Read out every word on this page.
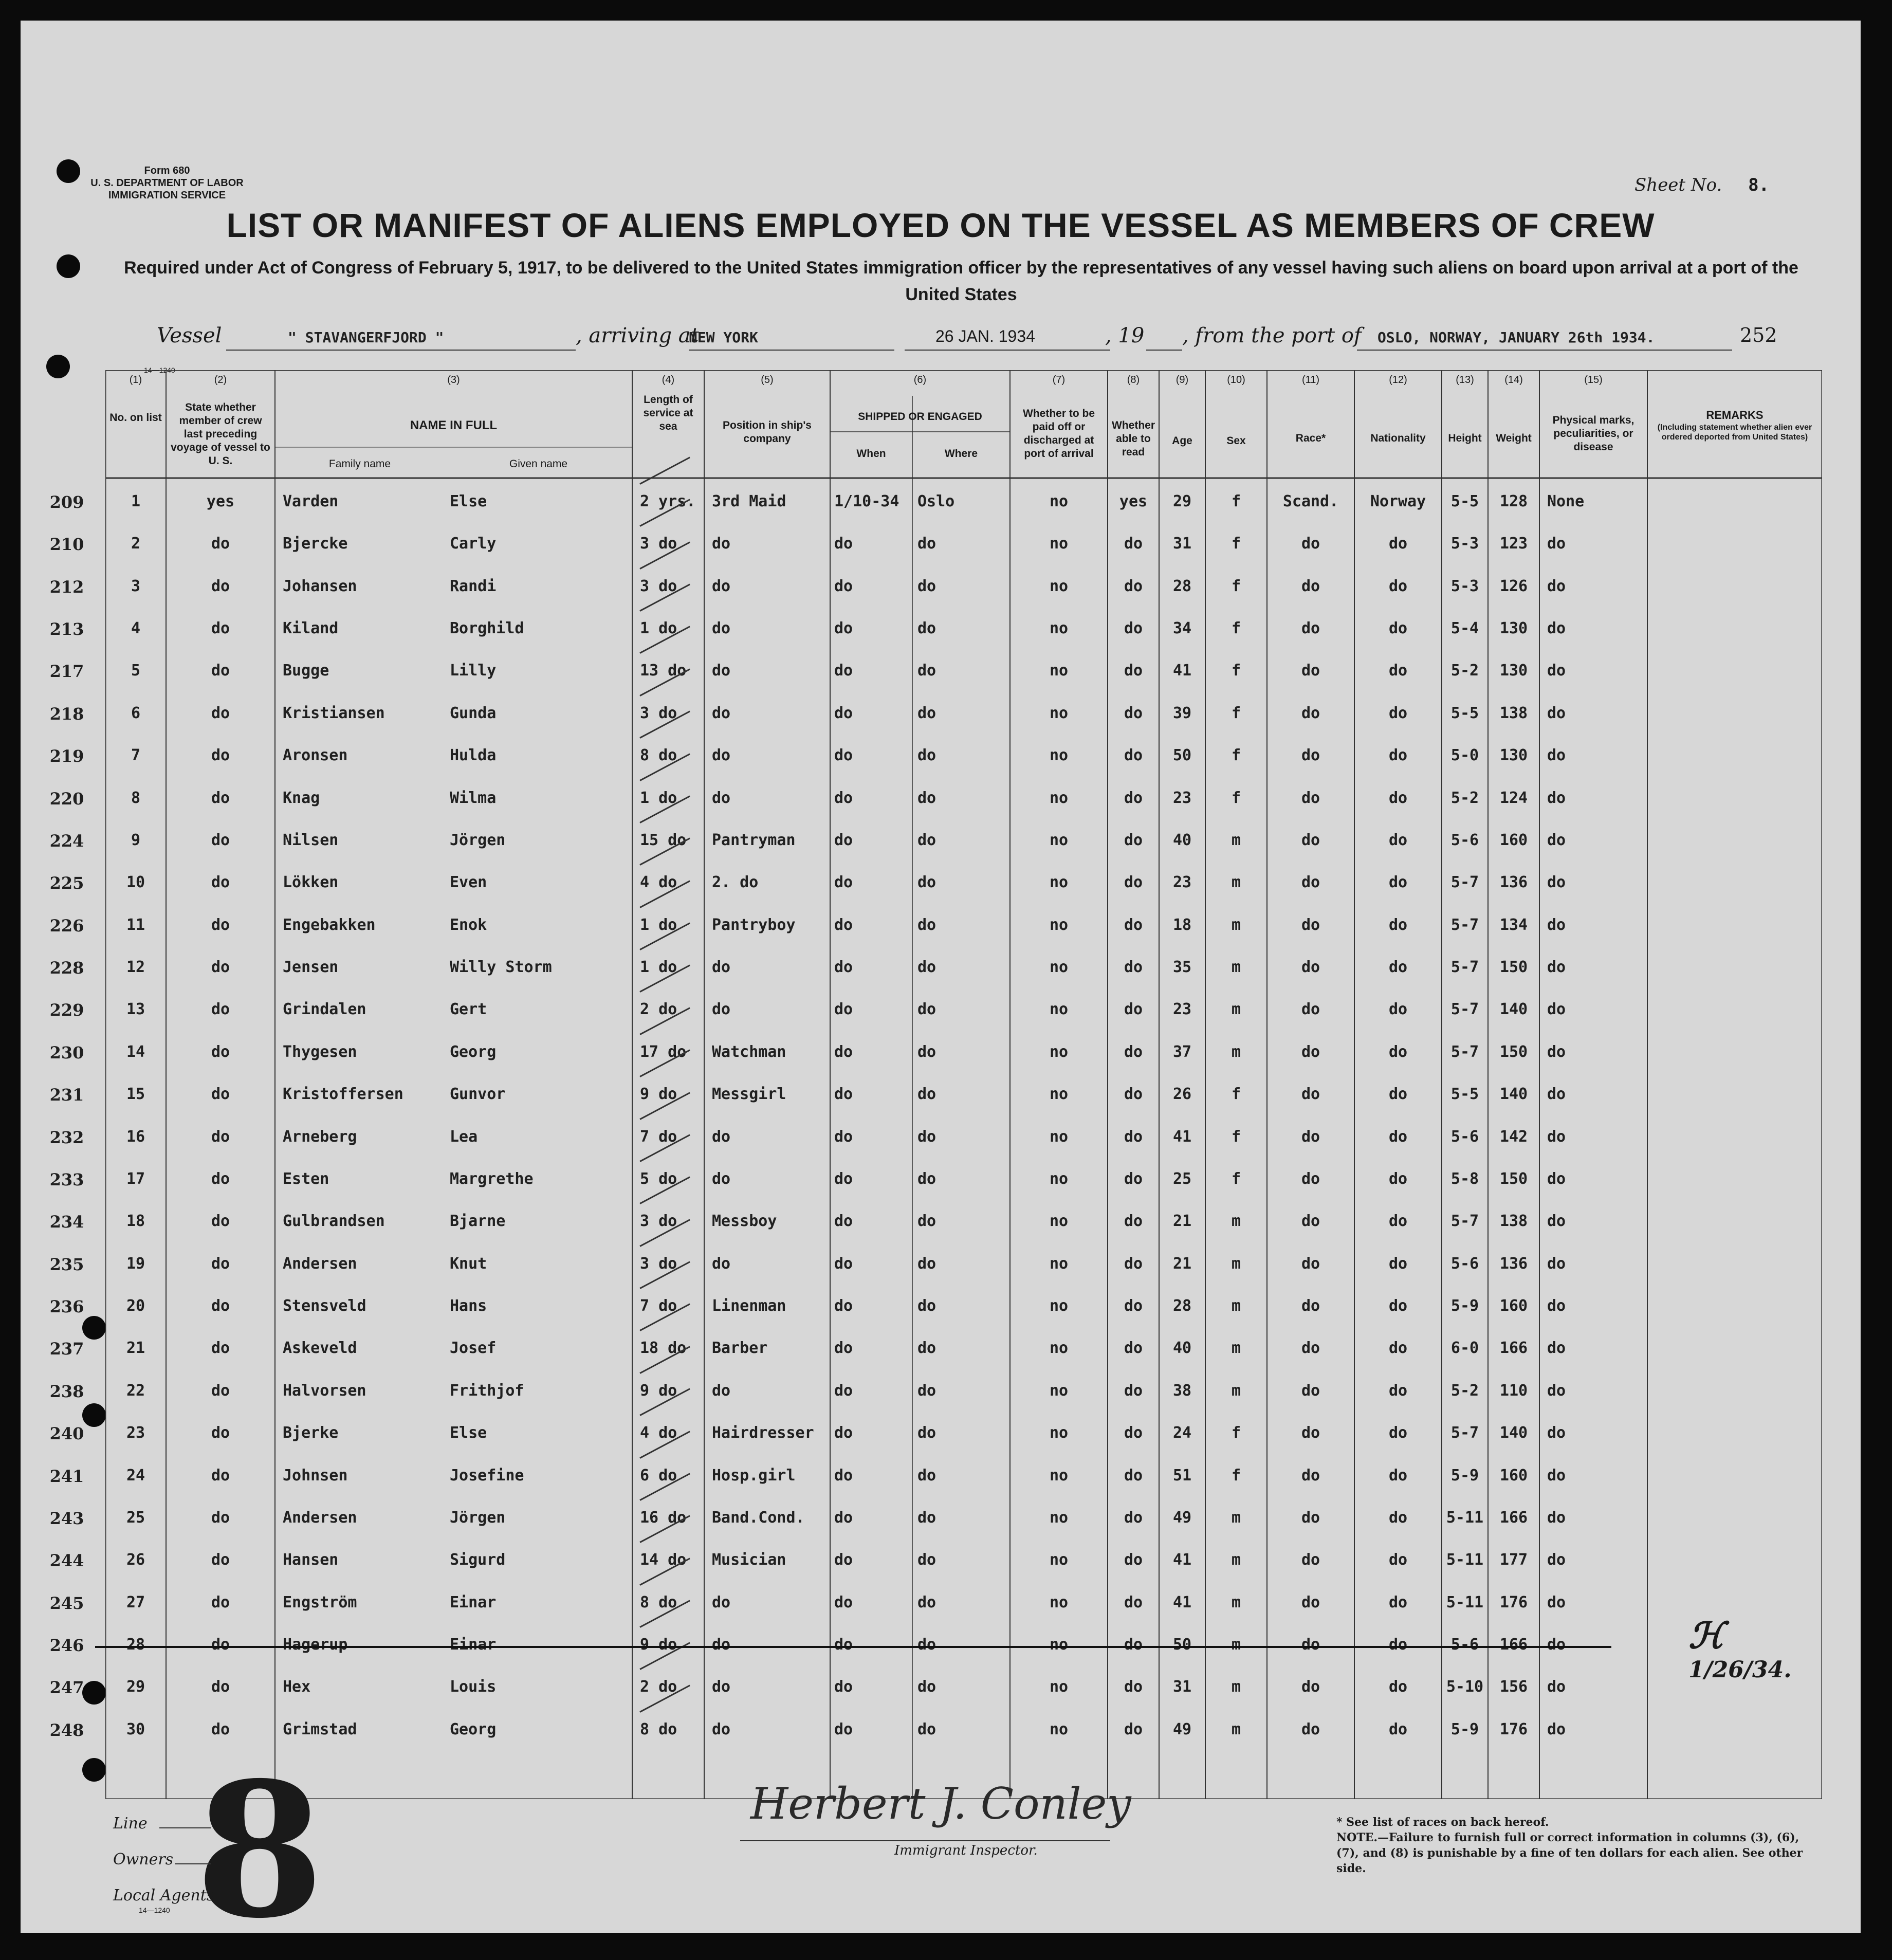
Form 680
U. S. DEPARTMENT OF LABOR
IMMIGRATION SERVICE	Sheet No. 8.
LIST OR MANIFEST OF ALIENS EMPLOYED ON THE VESSEL AS MEMBERS OF CREW
Required under Act of Congress of February 5, 1917, to be delivered to the United States immigration officer by the representatives of any vessel having such aliens on board upon arrival at a port of the United States
Vessel	" STAVANGERFJORD "	, arriving at
NEW YORK	26 JAN. 1934	, 19 , from the port of OSLO, NORWAY, JANUARY 26th 1934.	252
14—1240
(1)	(2)	(3)	(4)	(5)	(6)	(7)	(8)	(9)	(10)	(11)	(12)	(13)	(14)	(15)
No. on list
State whether member of crew last preceding voyage of vessel to U. S.
NAME IN FULL
Family name	Given name
Length of service at sea	Position in ship's company
SHIPPED OR ENGAGED
When	Where
Whether to be paid off or discharged at port of arrival
Whether able to read
Age	Sex	Race*	Nationality	Height	Weight
Physical marks, peculiarities, or disease
REMARKS
(Including statement whether alien ever ordered deported from United States)
209	1	yes	Varden	Else	2 yrs.	3rd Maid	1/10-34	Oslo	no	yes	29	f	Scand.	Norway	5-5	128	None
210	2	do	Bjercke	Carly	3 do	do	do	do	no	do	31	f	do	do	5-3	123	do
212	3	do	Johansen	Randi	3 do	do	do	do	no	do	28	f	do	do	5-3	126	do
213	4	do	Kiland	Borghild	1 do	do	do	do	no	do	34	f	do	do	5-4	130	do
217	5	do	Bugge	Lilly	13 do	do	do	do	no	do	41	f	do	do	5-2	130	do
218	6	do	Kristiansen	Gunda	3 do	do	do	do	no	do	39	f	do	do	5-5	138	do
219	7	do	Aronsen	Hulda	8 do	do	do	do	no	do	50	f	do	do	5-0	130	do
220	8	do	Knag	Wilma	1 do	do	do	do	no	do	23	f	do	do	5-2	124	do
224	9	do	Nilsen	Jörgen	15 do	Pantryman	do	do	no	do	40	m	do	do	5-6	160	do
225	10	do	Lökken	Even	4 do	2. do	do	do	no	do	23	m	do	do	5-7	136	do
226	11	do	Engebakken	Enok	1 do	Pantryboy	do	do	no	do	18	m	do	do	5-7	134	do
228	12	do	Jensen	Willy Storm	1 do	do	do	do	no	do	35	m	do	do	5-7	150	do
229	13	do	Grindalen	Gert	2 do	do	do	do	no	do	23	m	do	do	5-7	140	do
230	14	do	Thygesen	Georg	17 do	Watchman	do	do	no	do	37	m	do	do	5-7	150	do
231	15	do	Kristoffersen	Gunvor	9 do	Messgirl	do	do	no	do	26	f	do	do	5-5	140	do
232	16	do	Arneberg	Lea	7 do	do	do	do	no	do	41	f	do	do	5-6	142	do
233	17	do	Esten	Margrethe	5 do	do	do	do	no	do	25	f	do	do	5-8	150	do
234	18	do	Gulbrandsen	Bjarne	3 do	Messboy	do	do	no	do	21	m	do	do	5-7	138	do
235	19	do	Andersen	Knut	3 do	do	do	do	no	do	21	m	do	do	5-6	136	do
236	20	do	Stensveld	Hans	7 do	Linenman	do	do	no	do	28	m	do	do	5-9	160	do
237	21	do	Askeveld	Josef	18 do	Barber	do	do	no	do	40	m	do	do	6-0	166	do
238	22	do	Halvorsen	Frithjof	9 do	do	do	do	no	do	38	m	do	do	5-2	110	do
240	23	do	Bjerke	Else	4 do	Hairdresser	do	do	no	do	24	f	do	do	5-7	140	do
241	24	do	Johnsen	Josefine	6 do	Hosp.girl	do	do	no	do	51	f	do	do	5-9	160	do
243	25	do	Andersen	Jörgen	16 do	Band.Cond.	do	do	no	do	49	m	do	do	5-11	166	do
244	26	do	Hansen	Sigurd	14 do	Musician	do	do	no	do	41	m	do	do	5-11	177	do
245	27	do	Engström	Einar	8 do	do	do	do	no	do	41	m	do	do	5-11	176	do
246	28	do	Hagerup	Einar	9 do	do	do	do	no	do	50	m	do	do	5-6	166	do
247	29	do	Hex	Louis	2 do	do	do	do	no	do	31	m	do	do	5-10	156	do
248	30	do	Grimstad	Georg	8 do	do	do	do	no	do	49	m	do	do	5-9	176	do
ℋ 1/26/34.
8
Line
Owners
Local Agents
14—1240
Herbert J. Conley
Immigrant Inspector.
* See list of races on back hereof.
NOTE.—Failure to furnish full or correct information in columns (3), (6), (7), and (8) is punishable by a fine of ten dollars for each alien. See other side.
